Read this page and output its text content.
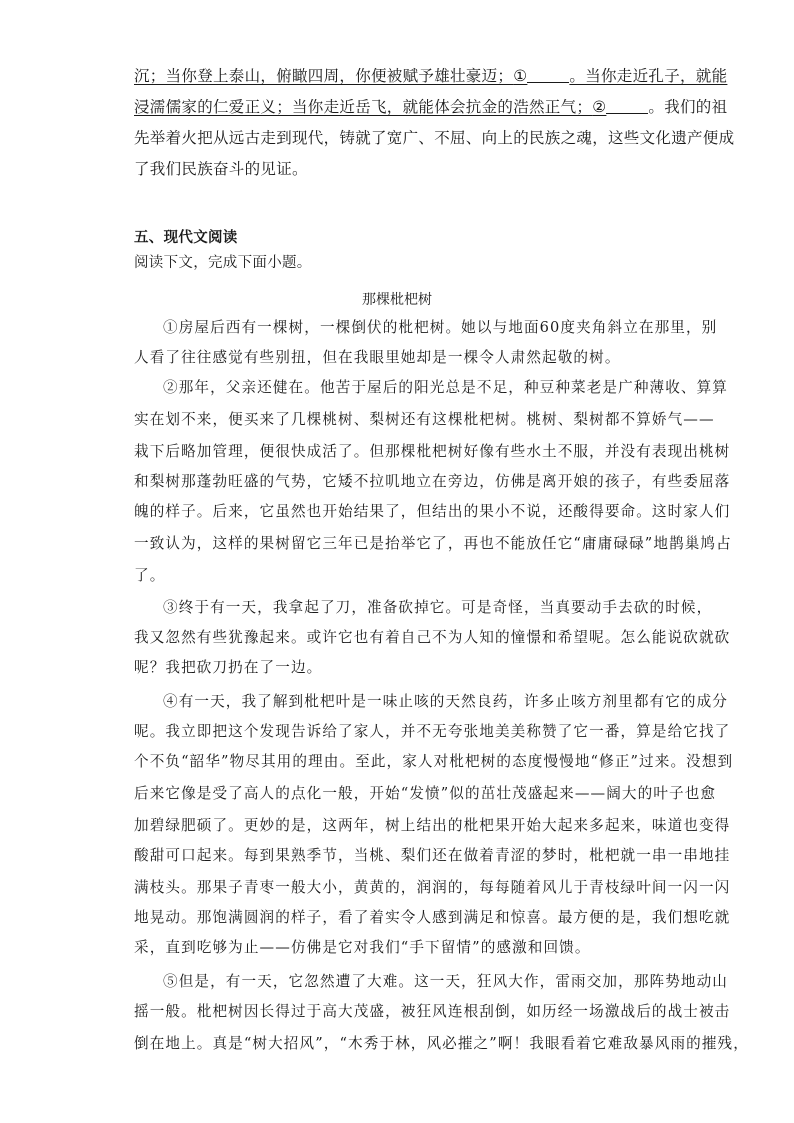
沉；当你登上泰山，俯瞰四周，你便被赋予雄壮豪迈；①	。当你走近孔子，就能
浸濡儒家的仁爱正义；当你走近岳飞，就能体会抗金的浩然正气；②	。我们的祖
先举着火把从远古走到现代，铸就了宽广、不屈、向上的民族之魂，这些文化遗产便成
了我们民族奋斗的见证。
五、现代文阅读
阅读下文，完成下面小题。
那棵枇杷树
①房屋后西有一棵树，一棵倒伏的枇杷树。她以与地面60度夹角斜立在那里，别
人看了往往感觉有些别扭，但在我眼里她却是一棵令人肃然起敬的树。
②那年，父亲还健在。他苦于屋后的阳光总是不足，种豆种菜老是广种薄收、算算
实在划不来，便买来了几棵桃树、梨树还有这棵枇杷树。桃树、梨树都不算娇气——
栽下后略加管理，便很快成活了。但那棵枇杷树好像有些水土不服，并没有表现出桃树
和梨树那蓬勃旺盛的气势，它矮不拉叽地立在旁边，仿佛是离开娘的孩子，有些委屈落
魄的样子。后来，它虽然也开始结果了，但结出的果小不说，还酸得要命。这时家人们
一致认为，这样的果树留它三年已是抬举它了，再也不能放任它“庸庸碌碌”地鹊巢鸠占
了。
③终于有一天，我拿起了刀，准备砍掉它。可是奇怪，当真要动手去砍的时候，
我又忽然有些犹豫起来。或许它也有着自己不为人知的憧憬和希望呢。怎么能说砍就砍
呢？我把砍刀扔在了一边。
④有一天，我了解到枇杷叶是一味止咳的天然良药，许多止咳方剂里都有它的成分
呢。我立即把这个发现告诉给了家人，并不无夸张地美美称赞了它一番，算是给它找了
个不负“韶华”物尽其用的理由。至此，家人对枇杷树的态度慢慢地“修正”过来。没想到
后来它像是受了高人的点化一般，开始“发愤”似的茁壮茂盛起来——阔大的叶子也愈
加碧绿肥硕了。更妙的是，这两年，树上结出的枇杷果开始大起来多起来，味道也变得
酸甜可口起来。每到果熟季节，当桃、梨们还在做着青涩的梦时，枇杷就一串一串地挂
满枝头。那果子青枣一般大小，黄黄的，润润的，每每随着风儿于青枝绿叶间一闪一闪
地晃动。那饱满圆润的样子，看了着实令人感到满足和惊喜。最方便的是，我们想吃就
采，直到吃够为止——仿佛是它对我们“手下留情”的感激和回馈。
⑤但是，有一天，它忽然遭了大难。这一天，狂风大作，雷雨交加，那阵势地动山
摇一般。枇杷树因长得过于高大茂盛，被狂风连根刮倒，如历经一场激战后的战士被击
倒在地上。真是“树大招风”，“木秀于林，风必摧之”啊！我眼看着它难敌暴风雨的摧残，
